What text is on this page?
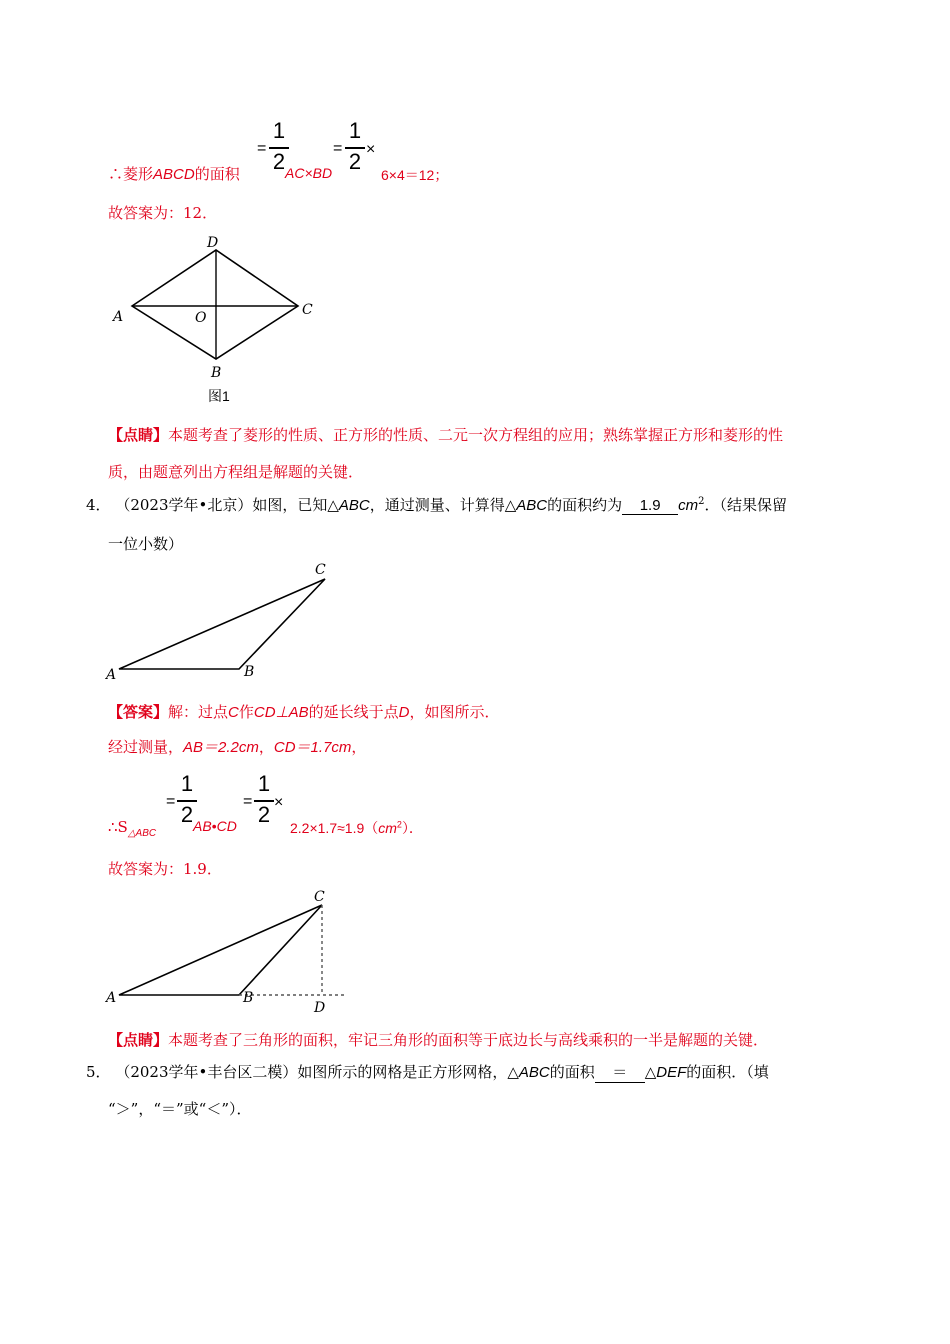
∴菱形ABCD的面积
=
1
2 AC×BD
=
1
2 ×
6×4＝12；
故答案为：12．
D
A	O	C
B
图1
【点睛】本题考查了菱形的性质、正方形的性质、二元一次方程组的应用；熟练掌握正方形和菱形的性
质，由题意列出方程组是解题的关键．
4． （2023学年•北京）如图，已知△ABC，通过测量、计算得△ABC的面积约为 1.9 $cm^2$．（结果保留
一位小数）
A	B
C
【答案】解：过点C作CD⊥AB的延长线于点D，如图所示．
经过测量，AB＝2.2cm，CD＝1.7cm，
$\therefore S_{\triangle ABC}$
=
1
2 AB•CD
=
1
2 ×
$2.2\times 1.7\approx 1.9(cm^2)$．
故答案为：1.9．
A	B
C
D
【点睛】本题考查了三角形的面积，牢记三角形的面积等于底边长与高线乘积的一半是解题的关键．
5． （2023学年•丰台区二模）如图所示的网格是正方形网格，△ABC的面积 ＝ △DEF的面积．（填
“＞”，“＝”或“＜”）．
